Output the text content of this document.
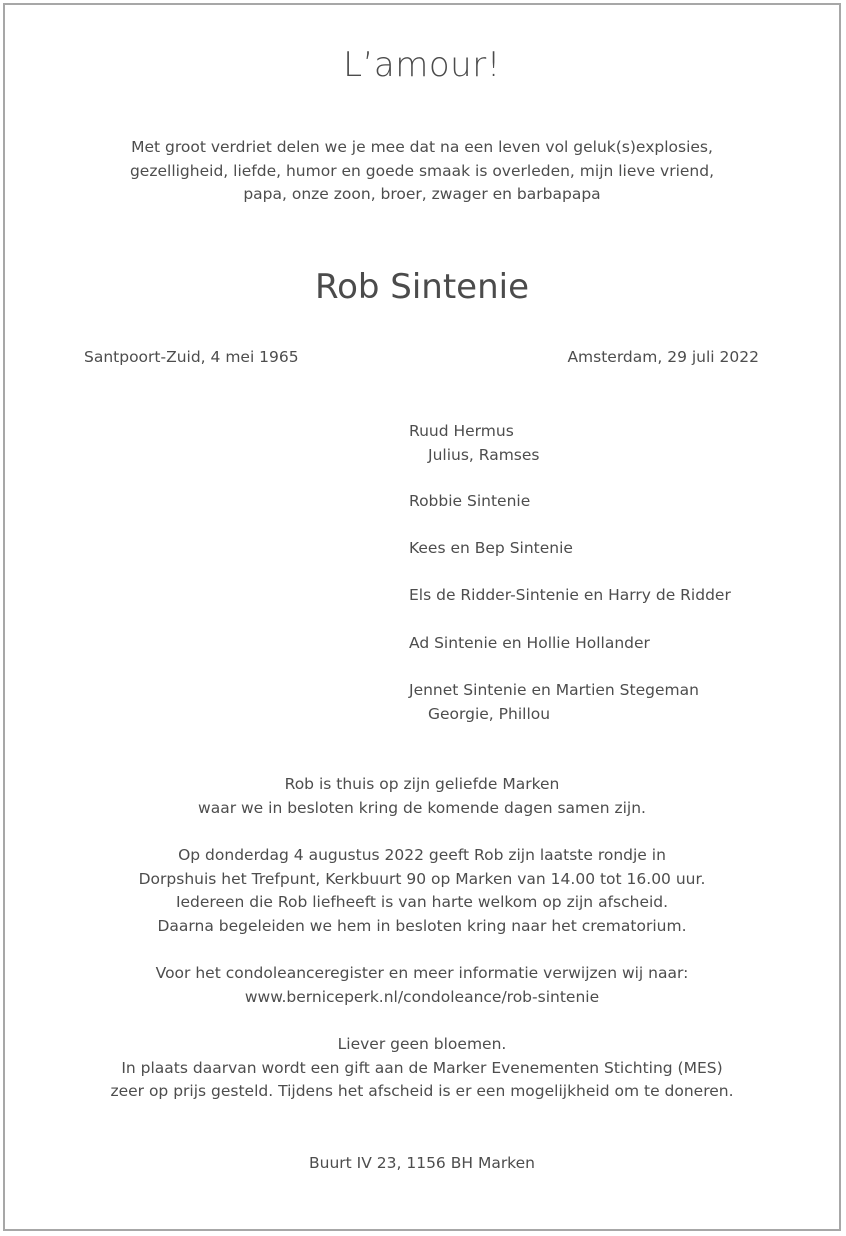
L’amour!
Met groot verdriet delen we je mee dat na een leven vol geluk(s)explosies,
gezelligheid, liefde, humor en goede smaak is overleden, mijn lieve vriend,
papa, onze zoon, broer, zwager en barbapapa
Rob Sintenie
Santpoort-Zuid, 4 mei 1965	Amsterdam, 29 juli 2022
Ruud Hermus
Julius, Ramses
Robbie Sintenie
Kees en Bep Sintenie
Els de Ridder-Sintenie en Harry de Ridder
Ad Sintenie en Hollie Hollander
Jennet Sintenie en Martien Stegeman
Georgie, Phillou
Rob is thuis op zijn geliefde Marken
waar we in besloten kring de komende dagen samen zijn.
Op donderdag 4 augustus 2022 geeft Rob zijn laatste rondje in
Dorpshuis het Trefpunt, Kerkbuurt 90 op Marken van 14.00 tot 16.00 uur.
Iedereen die Rob liefheeft is van harte welkom op zijn afscheid.
Daarna begeleiden we hem in besloten kring naar het crematorium.
Voor het condoleanceregister en meer informatie verwijzen wij naar:
www.berniceperk.nl/condoleance/rob-sintenie
Liever geen bloemen.
In plaats daarvan wordt een gift aan de Marker Evenementen Stichting (MES)
zeer op prijs gesteld. Tijdens het afscheid is er een mogelijkheid om te doneren.
Buurt IV 23, 1156 BH Marken
